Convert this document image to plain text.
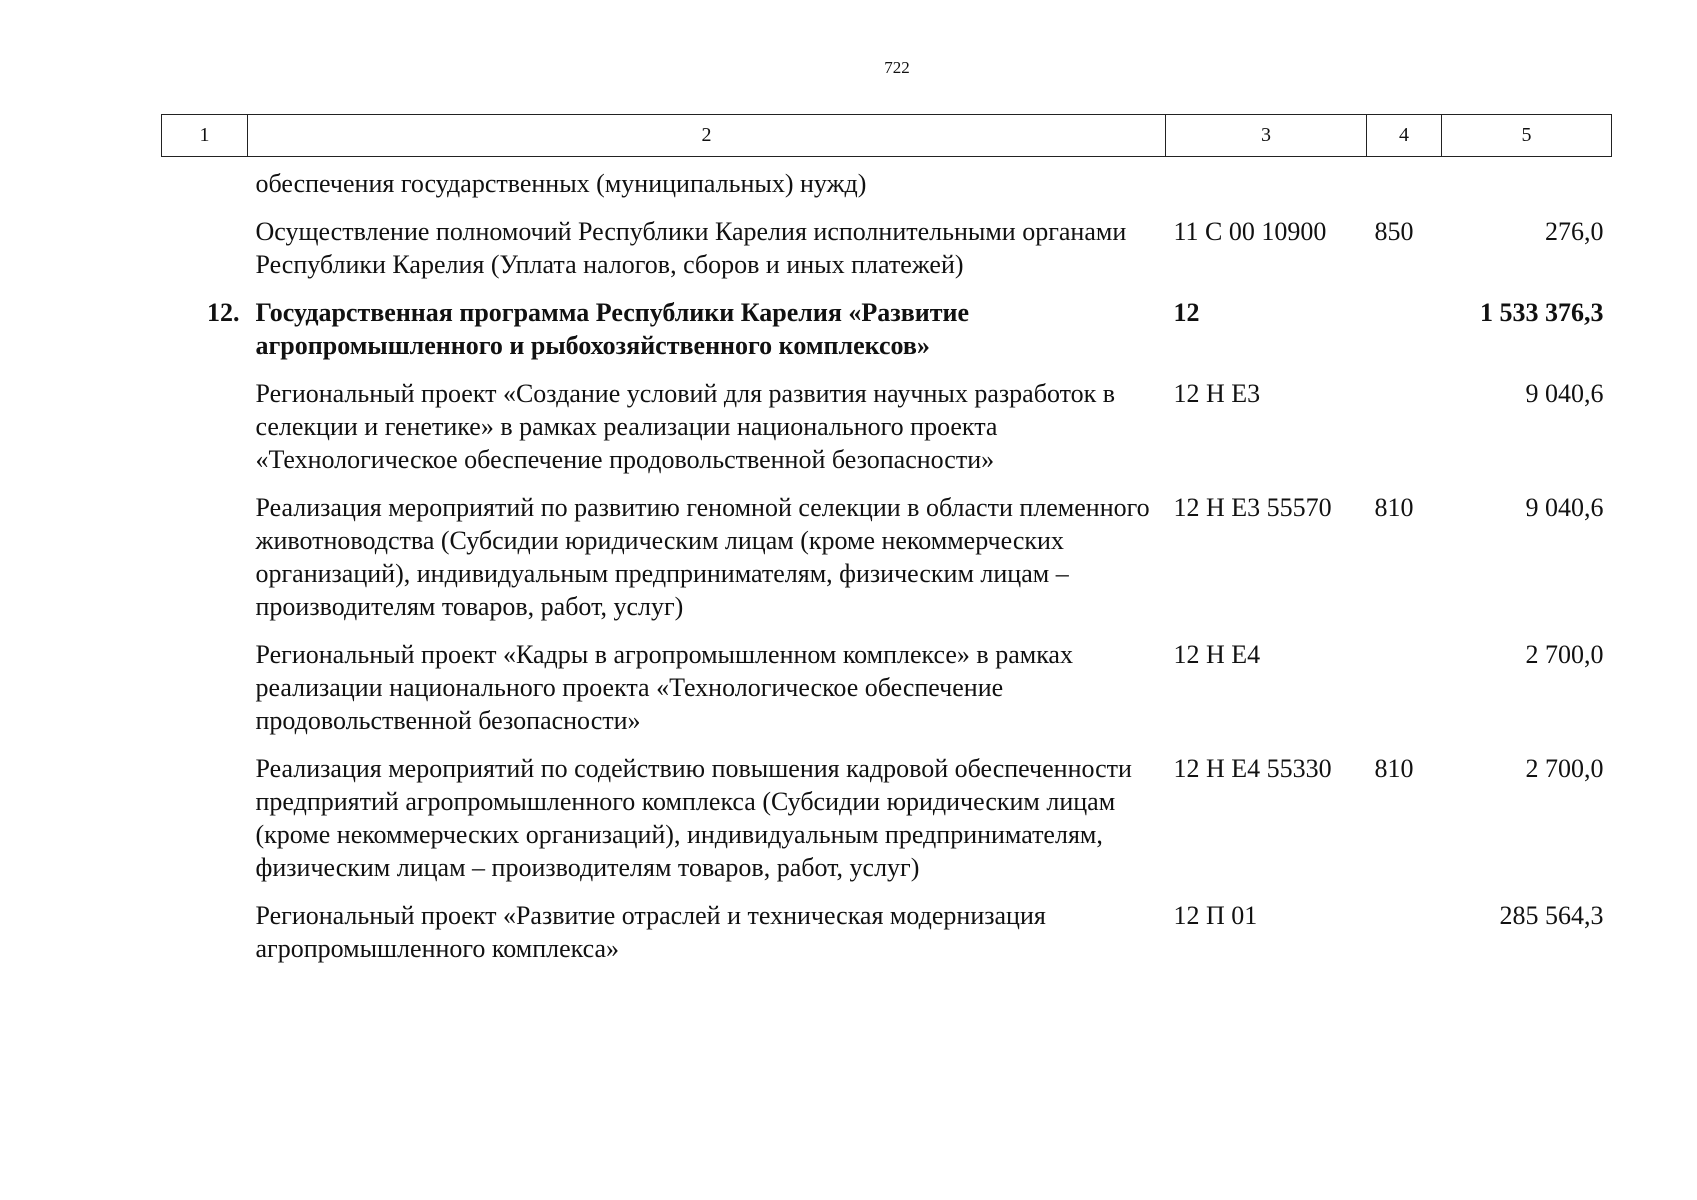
722
1	2	3	4	5
	обеспечения государственных (муниципальных) нужд)			
	Осуществление полномочий Республики Карелия исполнительными органами Республики Карелия (Уплата налогов, сборов и иных платежей)	11 С 00 10900	850	276,0
12.	Государственная программа Республики Карелия «Развитие агропромышленного и рыбохозяйственного комплексов»	12		1 533 376,3
	Региональный проект «Создание условий для развития научных разработок в селекции и генетике» в рамках реализации национального проекта «Технологическое обеспечение продовольственной безопасности»	12 Н Е3		9 040,6
	Реализация мероприятий по развитию геномной селекции в области племенного животноводства (Субсидии юридическим лицам (кроме некоммерческих организаций), индивидуальным предпринимателям, физическим лицам – производителям товаров, работ, услуг)	12 Н Е3 55570	810	9 040,6
	Региональный проект «Кадры в агропромышленном комплексе» в рамках реализации национального проекта «Технологическое обеспечение продовольственной безопасности»	12 Н Е4		2 700,0
	Реализация мероприятий по содействию повышения кадровой обеспеченности предприятий агропромышленного комплекса (Субсидии юридическим лицам (кроме некоммерческих организаций), индивидуальным предпринимателям, физическим лицам – производителям товаров, работ, услуг)	12 Н Е4 55330	810	2 700,0
	Региональный проект «Развитие отраслей и техническая модернизация агропромышленного комплекса»	12 П 01		285 564,3
